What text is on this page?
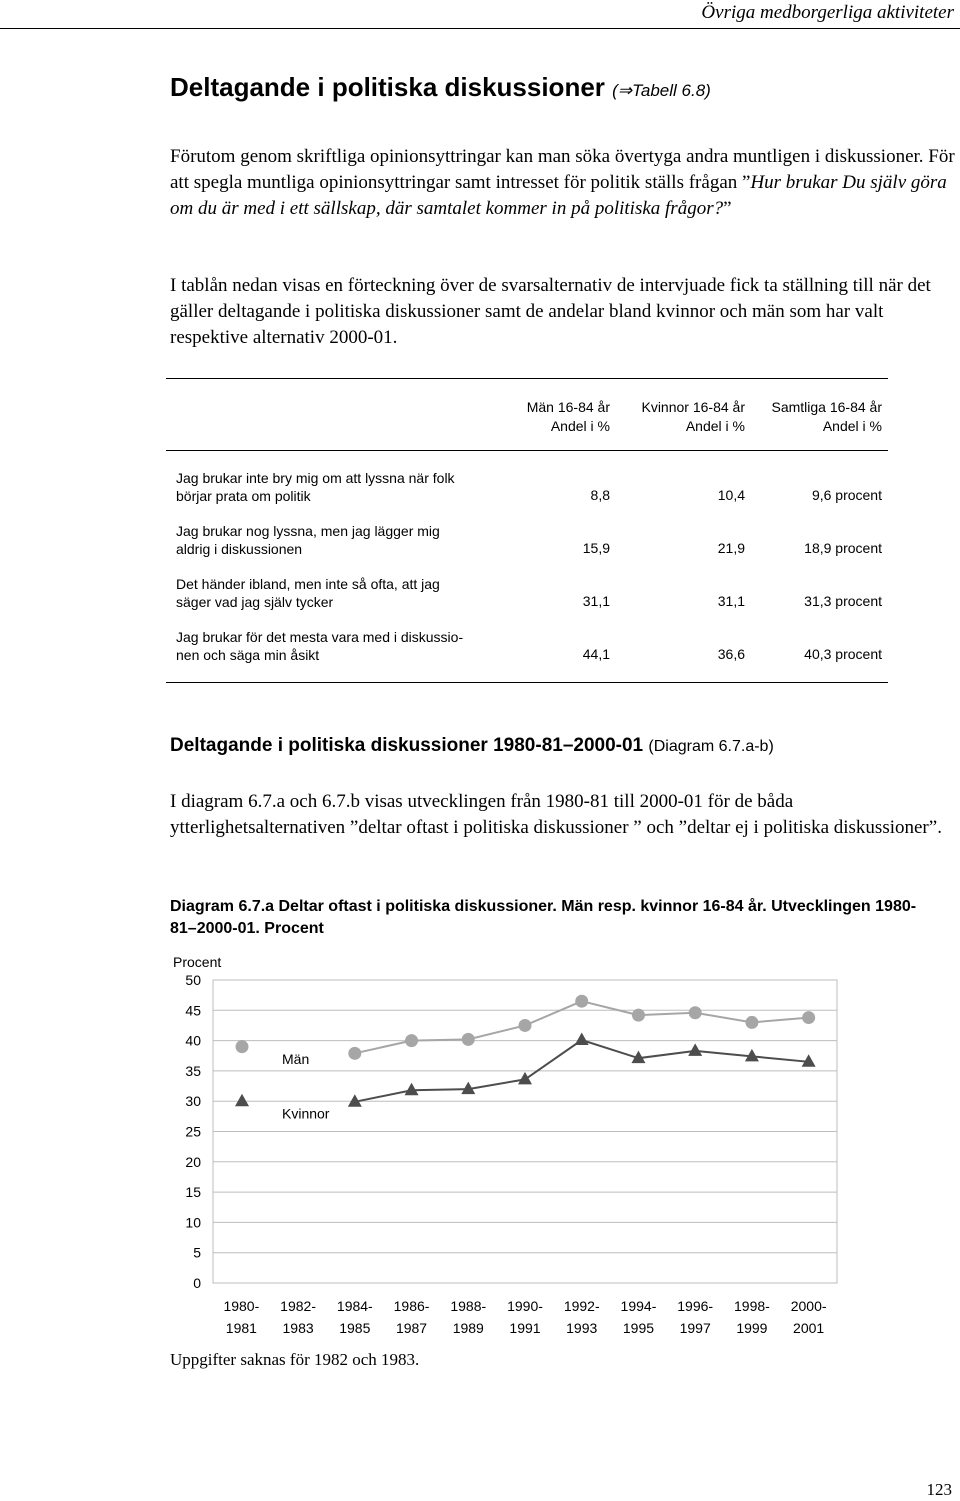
Övriga medborgerliga aktiviteter
Deltagande i politiska diskussioner (⇒Tabell 6.8)

Förutom genom skriftliga opinionsyttringar kan man söka övertyga andra muntligen i diskussioner. För att spegla muntliga opinionsyttringar samt intresset för politik ställs frågan ”Hur brukar Du själv göra om du är med i ett sällskap, där samtalet kommer in på politiska frågor?”

I tablån nedan visas en förteckning över de svarsalternativ de intervjuade fick ta ställning till när det gäller deltagande i politiska diskussioner samt de andelar bland kvinnor och män som har valt respektive alternativ 2000-01.

Män 16-84 år
Andel i %
Kvinnor 16-84 år
Andel i %
Samtliga 16-84 år
Andel i %
Jag brukar inte bry mig om att lyssna när folk
börjar prata om politik	8,8	10,4	9,6 procent
Jag brukar nog lyssna, men jag lägger mig
aldrig i diskussionen	15,9	21,9	18,9 procent
Det händer ibland, men inte så ofta, att jag
säger vad jag själv tycker	31,1	31,1	31,3 procent
Jag brukar för det mesta vara med i diskussio-
nen och säga min åsikt	44,1	36,6	40,3 procent
Deltagande i politiska diskussioner 1980-81–2000-01 (Diagram 6.7.a-b)

I diagram 6.7.a och 6.7.b visas utvecklingen från 1980-81 till 2000-01 för de båda ytterlighetsalternativen ”deltar oftast i politiska diskussioner ” och ”deltar ej i politiska diskussioner”.

Diagram 6.7.a Deltar oftast i politiska diskussioner. Män resp. kvinnor 16-84 år. Utvecklingen 1980-81–2000-01. Procent

0
5
10
15
20
25
30
35
40
45
50
Procent
1980-
1981
1982-
1983
1984-
1985
1986-
1987
1988-
1989
1990-
1991
1992-
1993
1994-
1995
1996-
1997
1998-
1999
2000-
2001
Män
Kvinnor
Uppgifter saknas för 1982 och 1983.
123
